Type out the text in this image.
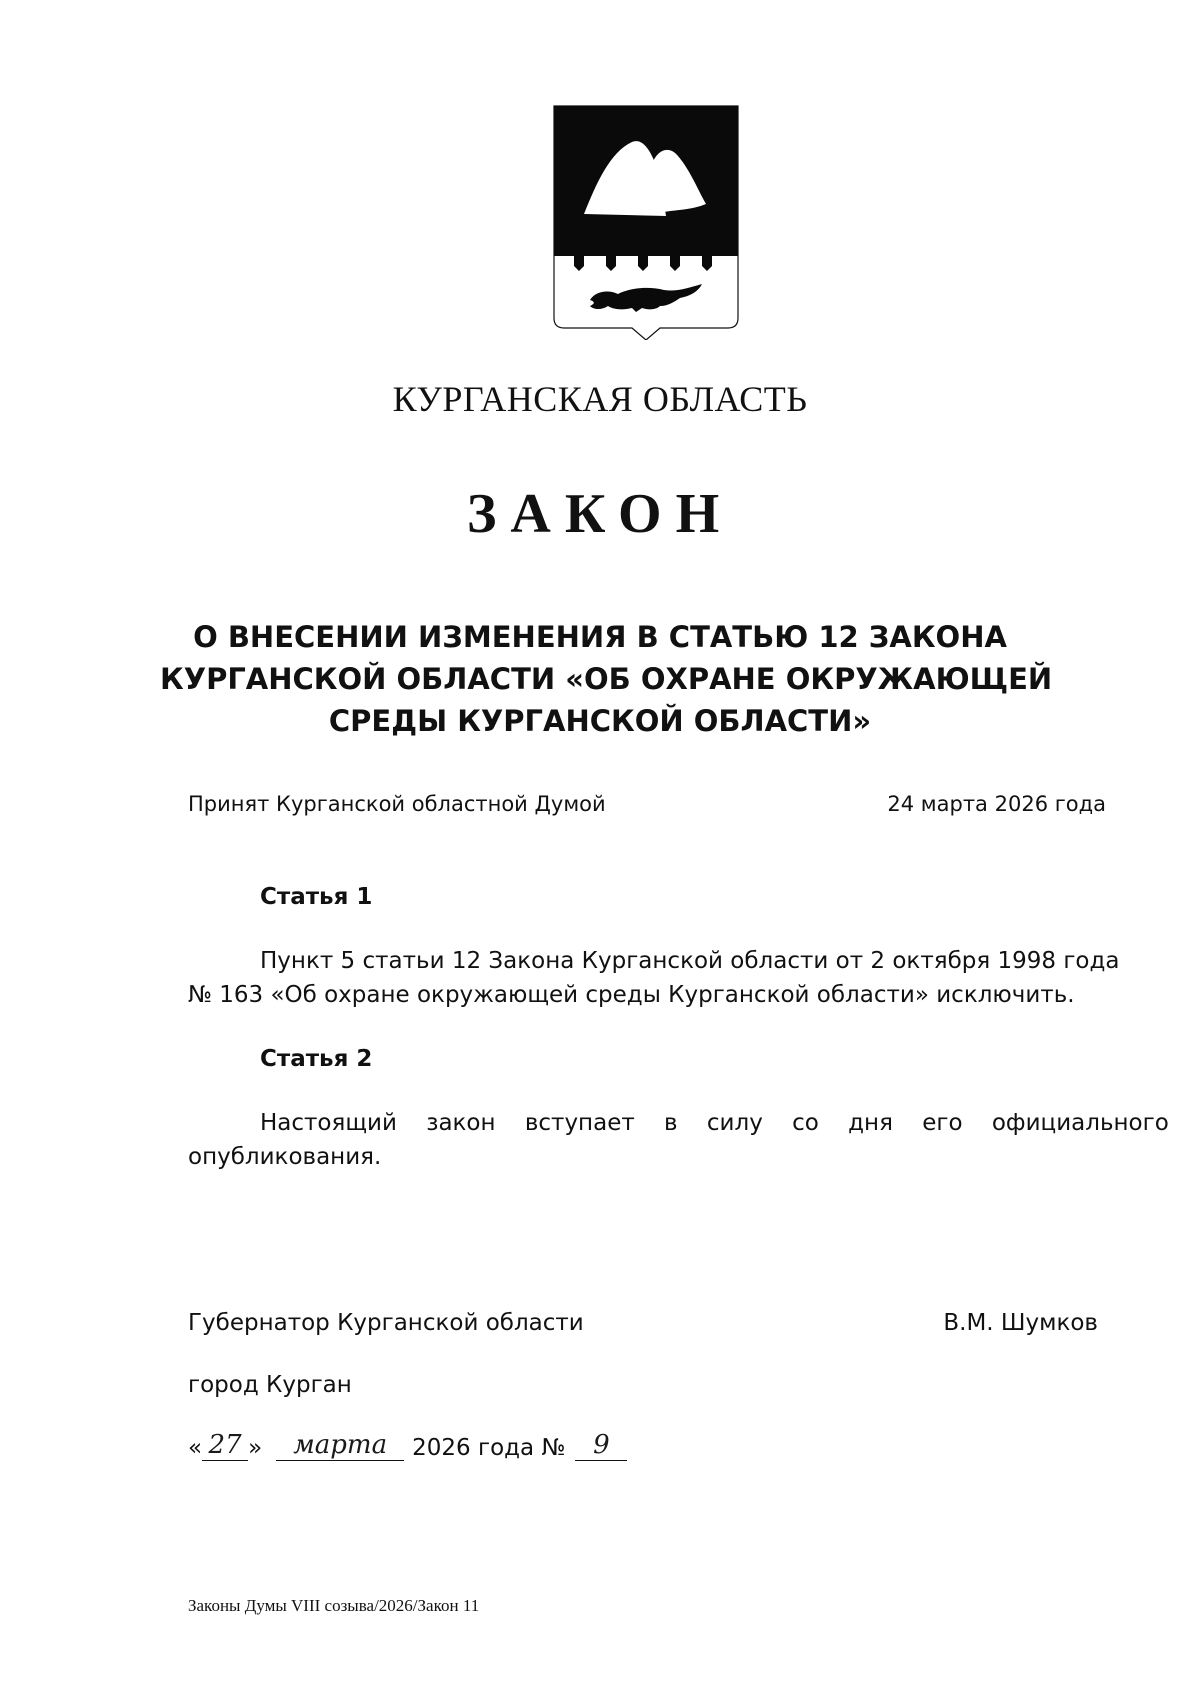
КУРГАНСКАЯ ОБЛАСТЬ
ЗАКОН
О ВНЕСЕНИИ ИЗМЕНЕНИЯ В СТАТЬЮ 12 ЗАКОНА
КУРГАНСКОЙ ОБЛАСТИ «ОБ ОХРАНЕ ОКРУЖАЮЩЕЙ
СРЕДЫ КУРГАНСКОЙ ОБЛАСТИ»
Принят Курганской областной Думой	24 марта 2026 года
Статья 1
Пункт 5 статьи 12 Закона Курганской области от 2 октября 1998 года
№ 163 «Об охране окружающей среды Курганской области» исключить.
Статья 2
Настоящий закон вступает в силу со дня его официального
опубликования.
Губернатор Курганской области	В.М. Шумков
город Курган
« 27 »	марта	2026 года №	9
Законы Думы VIII созыва/2026/Закон 11
